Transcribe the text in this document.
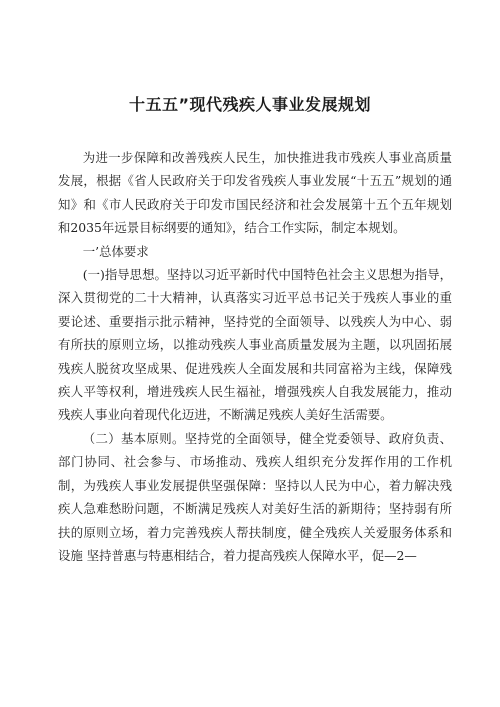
十五五”现代残疾人事业发展规划

为进一步保障和改善残疾人民生，加快推进我市残疾人事业高质量发展，根据《省人民政府关于印发省残疾人事业发展“十五五”规划的通知》和《市人民政府关于印发市国民经济和社会发展第十五个五年规划和2035年远景目标纲要的通知》，结合工作实际，制定本规划。

一’总体要求

(一)指导思想。坚持以习近平新时代中国特色社会主义思想为指导，深入贯彻党的二十大精神，认真落实习近平总书记关于残疾人事业的重要论述、重要指示批示精神，坚持党的全面领导、以残疾人为中心、弱有所扶的原则立场，以推动残疾人事业高质量发展为主题，以巩固拓展残疾人脱贫攻坚成果、促进残疾人全面发展和共同富裕为主线，保障残疾人平等权利，增进残疾人民生福祉，增强残疾人自我发展能力，推动残疾人事业向着现代化迈进，不断满足残疾人美好生活需要。

（二）基本原则。坚持党的全面领导，健全党委领导、政府负责、部门协同、社会参与、市场推动、残疾人组织充分发挥作用的工作机制，为残疾人事业发展提供坚强保障：坚持以人民为中心，着力解决残疾人急难愁盼问题，不断满足残疾人对美好生活的新期待；坚持弱有所扶的原则立场，着力完善残疾人帮扶制度，健全残疾人关爱服务体系和设施 坚持普惠与特惠相结合，着力提高残疾人保障水平，促—2—
